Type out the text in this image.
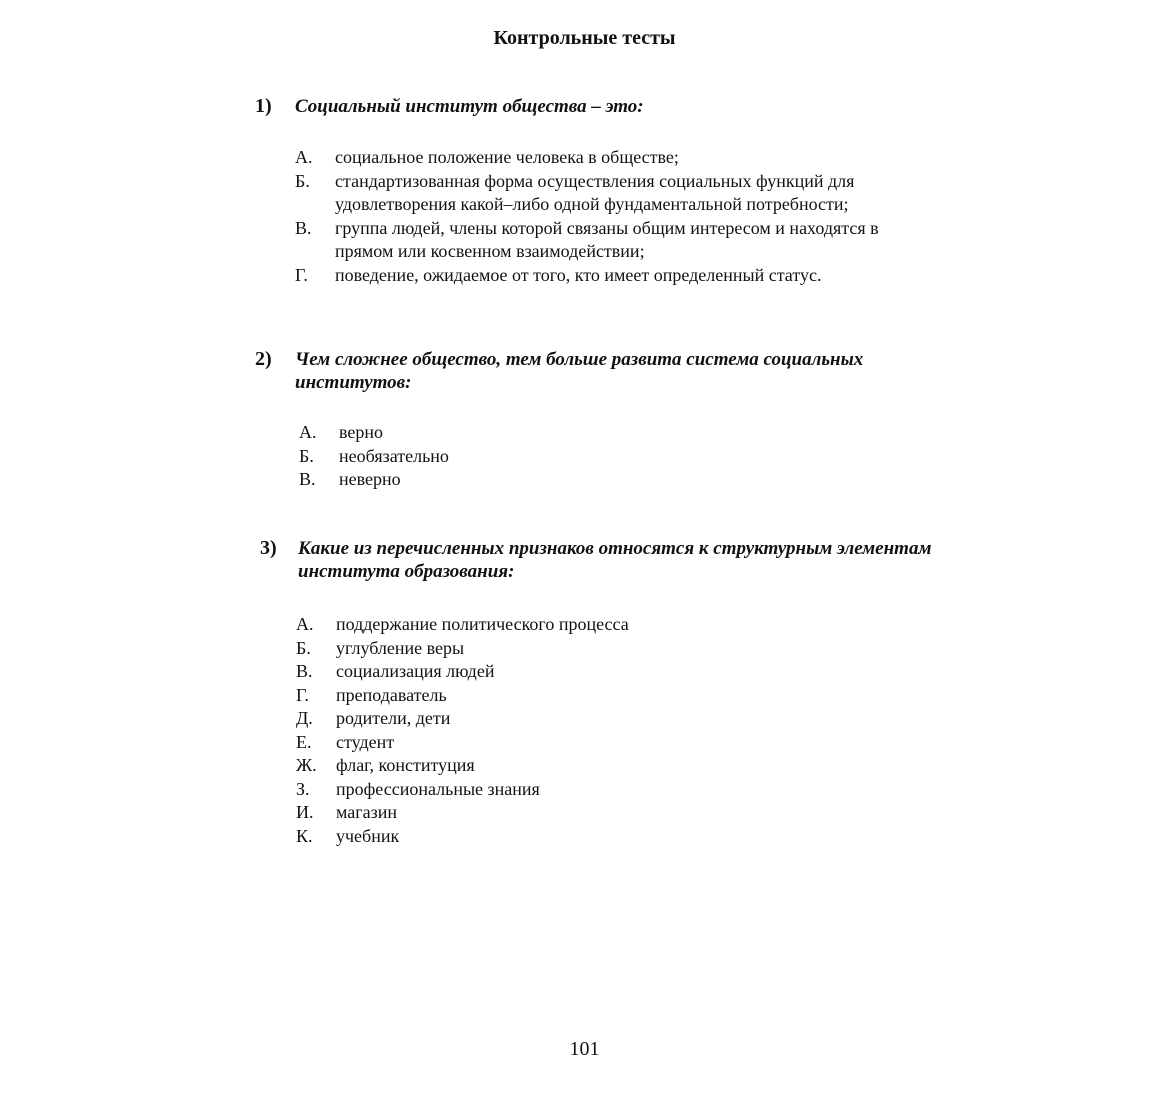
Контрольные тесты
1) Социальный институт общества – это:
А.	социальное положение человека в обществе;
Б.	стандартизованная форма осуществления социальных функций для удовлетворения какой–либо одной фундаментальной потребности;
В.	группа людей, члены которой связаны общим интересом и находятся в прямом или косвенном взаимодействии;
Г.	поведение, ожидаемое от того, кто имеет определенный статус.
2) Чем сложнее общество, тем больше развита система социальных институтов:
А.	верно
Б.	необязательно
В.	неверно
3) Какие из перечисленных признаков относятся к структурным элементам института образования:
А.	поддержание политического процесса
Б.	углубление веры
В.	социализация людей
Г.	преподаватель
Д.	родители, дети
Е.	студент
Ж.	флаг, конституция
З.	профессиональные знания
И.	магазин
К.	учебник
101
